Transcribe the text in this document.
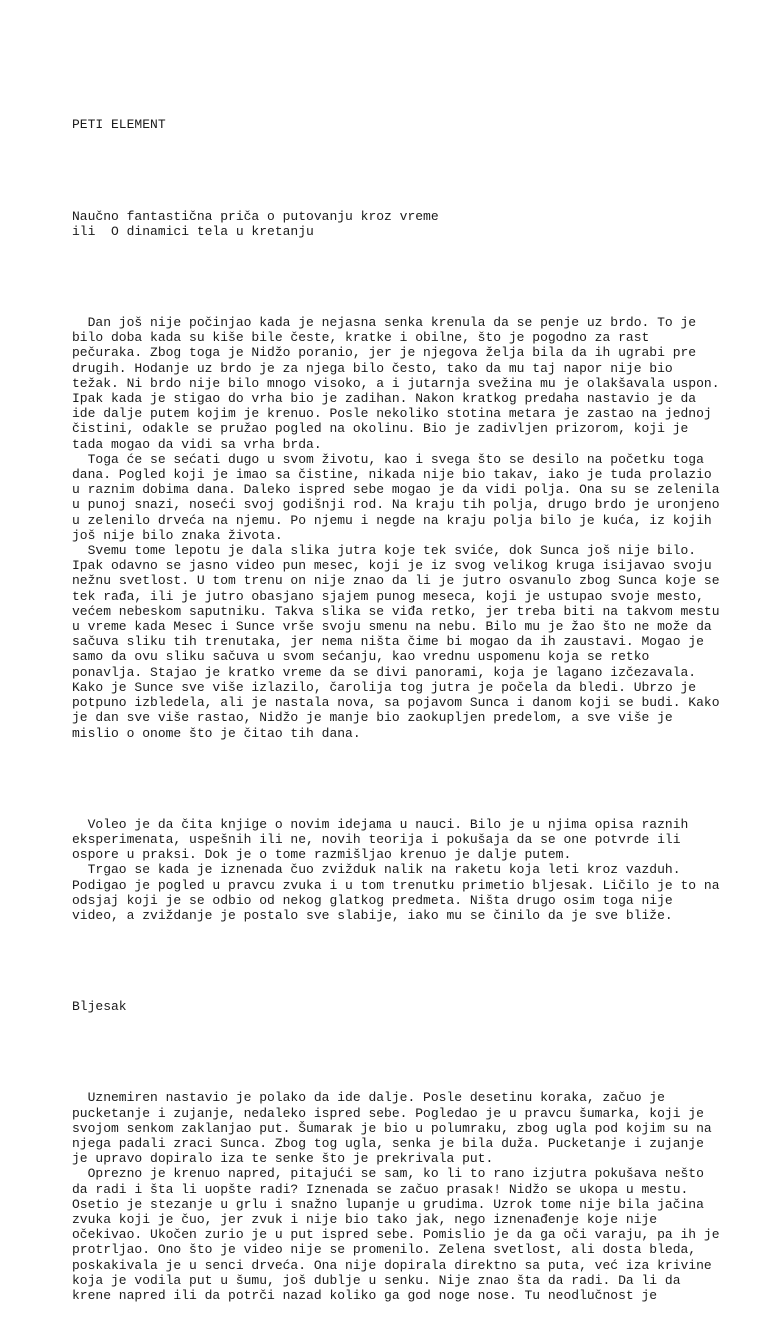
PETI ELEMENT

Naučno fantastična priča o putovanju kroz vreme
ili  O dinamici tela u kretanju

Dan još nije počinjao kada je nejasna senka krenula da se penje uz brdo. To je
bilo doba kada su kiše bile česte, kratke i obilne, što je pogodno za rast
pečuraka. Zbog toga je Nidžo poranio, jer je njegova želja bila da ih ugrabi pre
drugih. Hodanje uz brdo je za njega bilo često, tako da mu taj napor nije bio
težak. Ni brdo nije bilo mnogo visoko, a i jutarnja svežina mu je olakšavala uspon.
Ipak kada je stigao do vrha bio je zadihan. Nakon kratkog predaha nastavio je da
ide dalje putem kojim je krenuo. Posle nekoliko stotina metara je zastao na jednoj
čistini, odakle se pružao pogled na okolinu. Bio je zadivljen prizorom, koji je
tada mogao da vidi sa vrha brda.
Toga će se sećati dugo u svom životu, kao i svega što se desilo na početku toga
dana. Pogled koji je imao sa čistine, nikada nije bio takav, iako je tuda prolazio
u raznim dobima dana. Daleko ispred sebe mogao je da vidi polja. Ona su se zelenila
u punoj snazi, noseći svoj godišnji rod. Na kraju tih polja, drugo brdo je uronjeno
u zelenilo drveća na njemu. Po njemu i negde na kraju polja bilo je kuća, iz kojih
još nije bilo znaka života.
Svemu tome lepotu je dala slika jutra koje tek sviće, dok Sunca još nije bilo.
Ipak odavno se jasno video pun mesec, koji je iz svog velikog kruga isijavao svoju
nežnu svetlost. U tom trenu on nije znao da li je jutro osvanulo zbog Sunca koje se
tek rađa, ili je jutro obasjano sjajem punog meseca, koji je ustupao svoje mesto,
većem nebeskom saputniku. Takva slika se viđa retko, jer treba biti na takvom mestu
u vreme kada Mesec i Sunce vrše svoju smenu na nebu. Bilo mu je žao što ne može da
sačuva sliku tih trenutaka, jer nema ništa čime bi mogao da ih zaustavi. Mogao je
samo da ovu sliku sačuva u svom sećanju, kao vrednu uspomenu koja se retko
ponavlja. Stajao je kratko vreme da se divi panorami, koja je lagano izčezavala.
Kako je Sunce sve više izlazilo, čarolija tog jutra je počela da bledi. Ubrzo je
potpuno izbledela, ali je nastala nova, sa pojavom Sunca i danom koji se budi. Kako
je dan sve više rastao, Nidžo je manje bio zaokupljen predelom, a sve više je
mislio o onome što je čitao tih dana.

Voleo je da čita knjige o novim idejama u nauci. Bilo je u njima opisa raznih
eksperimenata, uspešnih ili ne, novih teorija i pokušaja da se one potvrde ili
ospore u praksi. Dok je o tome razmišljao krenuo je dalje putem.
Trgao se kada je iznenada čuo zvižduk nalik na raketu koja leti kroz vazduh.
Podigao je pogled u pravcu zvuka i u tom trenutku primetio bljesak. Ličilo je to na
odsjaj koji je se odbio od nekog glatkog predmeta. Ništa drugo osim toga nije
video, a zviždanje je postalo sve slabije, iako mu se činilo da je sve bliže.

Bljesak

Uznemiren nastavio je polako da ide dalje. Posle desetinu koraka, začuo je
pucketanje i zujanje, nedaleko ispred sebe. Pogledao je u pravcu šumarka, koji je
svojom senkom zaklanjao put. Šumarak je bio u polumraku, zbog ugla pod kojim su na
njega padali zraci Sunca. Zbog tog ugla, senka je bila duža. Pucketanje i zujanje
je upravo dopiralo iza te senke što je prekrivala put.
Oprezno je krenuo napred, pitajući se sam, ko li to rano izjutra pokušava nešto
da radi i šta li uopšte radi? Iznenada se začuo prasak! Nidžo se ukopa u mestu.
Osetio je stezanje u grlu i snažno lupanje u grudima. Uzrok tome nije bila jačina
zvuka koji je čuo, jer zvuk i nije bio tako jak, nego iznenađenje koje nije
očekivao. Ukočen zurio je u put ispred sebe. Pomislio je da ga oči varaju, pa ih je
protrljao. Ono što je video nije se promenilo. Zelena svetlost, ali dosta bleda,
poskakivala je u senci drveća. Ona nije dopirala direktno sa puta, već iza krivine
koja je vodila put u šumu, još dublje u senku. Nije znao šta da radi. Da li da
krene napred ili da potrči nazad koliko ga god noge nose. Tu neodlučnost je
